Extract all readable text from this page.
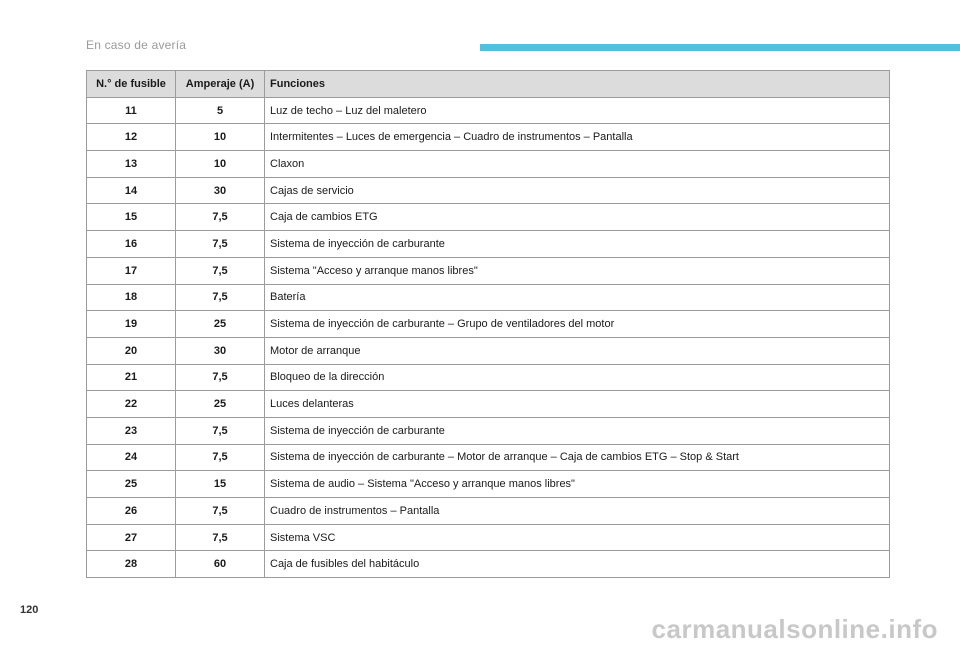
En caso de avería
N.° de fusible	Amperaje (A)	Funciones
11	5	Luz de techo – Luz del maletero
12	10	Intermitentes – Luces de emergencia – Cuadro de instrumentos – Pantalla
13	10	Claxon
14	30	Cajas de servicio
15	7,5	Caja de cambios ETG
16	7,5	Sistema de inyección de carburante
17	7,5	Sistema "Acceso y arranque manos libres"
18	7,5	Batería
19	25	Sistema de inyección de carburante – Grupo de ventiladores del motor
20	30	Motor de arranque
21	7,5	Bloqueo de la dirección
22	25	Luces delanteras
23	7,5	Sistema de inyección de carburante
24	7,5	Sistema de inyección de carburante – Motor de arranque – Caja de cambios ETG – Stop & Start
25	15	Sistema de audio – Sistema "Acceso y arranque manos libres"
26	7,5	Cuadro de instrumentos – Pantalla
27	7,5	Sistema VSC
28	60	Caja de fusibles del habitáculo
120
carmanualsonline.info
